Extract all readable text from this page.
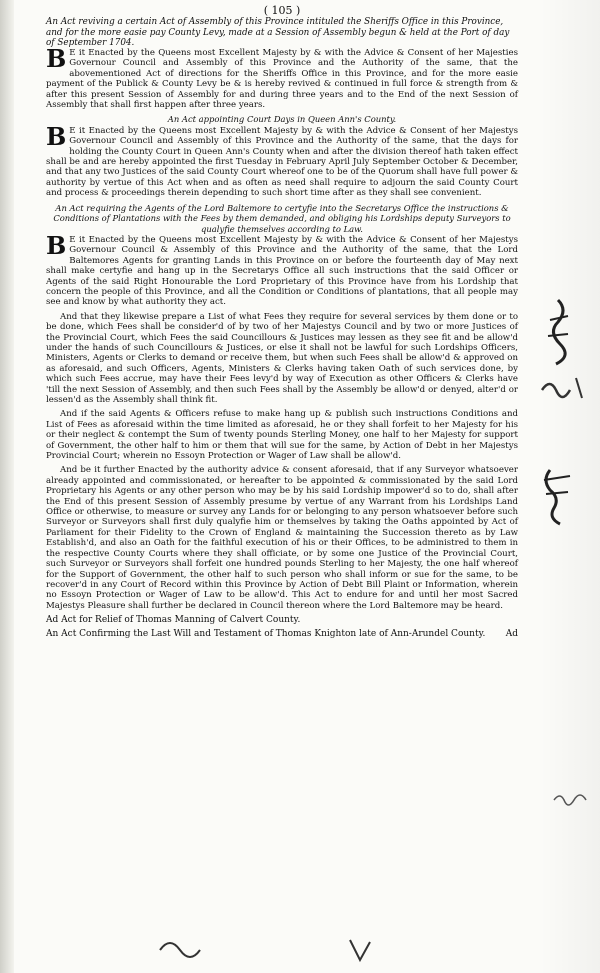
( 105 )
An Act reviving a certain Act of Assembly of this Province intituled the Sheriffs Office in this Province, and for the more easie pay County Levy, made at a Session of Assembly begun & held at the Port of day of September 1704.

B E it Enacted by the Queens most Excellent Majesty by & with the Advice & Consent of her Majesties Governour Council and Assembly of this Province and the Authority of the same, that the abovementioned Act of directions for the Sheriffs Office in this Province, and for the more easie payment of the Publick & County Levy be & is hereby revived & continued in full force & strength from & after this present Session of Assembly for and during three years and to the End of the next Session of Assembly that shall first happen after three years.

An Act appointing Court Days in Queen Ann's County.

B E it Enacted by the Queens most Excellent Majesty by & with the Advice & Consent of her Majestys Governour Council and Assembly of this Province and the Authority of the same, that the days for holding the County Court in Queen Ann's County when and after the division thereof hath taken effect shall be and are hereby appointed the first Tuesday in February April July September October & December, and that any two Justices of the said County Court whereof one to be of the Quorum shall have full power & authority by vertue of this Act when and as often as need shall require to adjourn the said County Court and process & proceedings therein depending to such short time after as they shall see convenient.

An Act requiring the Agents of the Lord Baltemore to certyfie into the Secretarys Office the instructions & Conditions of Plantations with the Fees by them demanded, and obliging his Lordships deputy Surveyors to qualyfie themselves according to Law.

B E it Enacted by the Queens most Excellent Majesty by & with the Advice & Consent of her Majestys Governour Council & Assembly of this Province and the Authority of the same, that the Lord Baltemores Agents for granting Lands in this Province on or before the fourteenth day of May next shall make certyfie and hang up in the Secretarys Office all such instructions that the said Officer or Agents of the said Right Honourable the Lord Proprietary of this Province have from his Lordship that concern the people of this Province, and all the Condition or Conditions of plantations, that all people may see and know by what authority they act.

And that they likewise prepare a List of what Fees they require for several services by them done or to be done, which Fees shall be consider'd of by two of her Majestys Council and by two or more Justices of the Provincial Court, which Fees the said Councillours & Justices may lessen as they see fit and be allow'd under the hands of such Councillours & Justices, or else it shall not be lawful for such Lordships Officers, Ministers, Agents or Clerks to demand or receive them, but when such Fees shall be allow'd & approved on as aforesaid, and such Officers, Agents, Ministers & Clerks having taken Oath of such services done, by which such Fees accrue, may have their Fees levy'd by way of Execution as other Officers & Clerks have 'till the next Session of Assembly, and then such Fees shall by the Assembly be allow'd or denyed, alter'd or lessen'd as the Assembly shall think fit.

And if the said Agents & Officers refuse to make hang up & publish such instructions Conditions and List of Fees as aforesaid within the time limited as aforesaid, he or they shall forfeit to her Majesty for his or their neglect & contempt the Sum of twenty pounds Sterling Money, one half to her Majesty for support of Government, the other half to him or them that will sue for the same, by Action of Debt in her Majestys Provincial Court; wherein no Essoyn Protection or Wager of Law shall be allow'd.

And be it further Enacted by the authority advice & consent aforesaid, that if any Surveyor whatsoever already appointed and commissionated, or hereafter to be appointed & commissionated by the said Lord Proprietary his Agents or any other person who may be by his said Lordship impower'd so to do, shall after the End of this present Session of Assembly presume by vertue of any Warrant from his Lordships Land Office or otherwise, to measure or survey any Lands for or belonging to any person whatsoever before such Surveyor or Surveyors shall first duly qualyfie him or themselves by taking the Oaths appointed by Act of Parliament for their Fidelity to the Crown of England & maintaining the Succession thereto as by Law Establish'd, and also an Oath for the faithful execution of his or their Offices, to be administred to them in the respective County Courts where they shall officiate, or by some one Justice of the Provincial Court, such Surveyor or Surveyors shall forfeit one hundred pounds Sterling to her Majesty, the one half whereof for the Support of Government, the other half to such person who shall inform or sue for the same, to be recover'd in any Court of Record within this Province by Action of Debt Bill Plaint or Information, wherein no Essoyn Protection or Wager of Law to be allow'd. This Act to endure for and until her most Sacred Majestys Pleasure shall further be declared in Council thereon where the Lord Baltemore may be heard.

Ad Act for Relief of Thomas Manning of Calvert County.
An Act Confirming the Last Will and Testament of Thomas Knighton late of Ann-Arundel County. Ad
